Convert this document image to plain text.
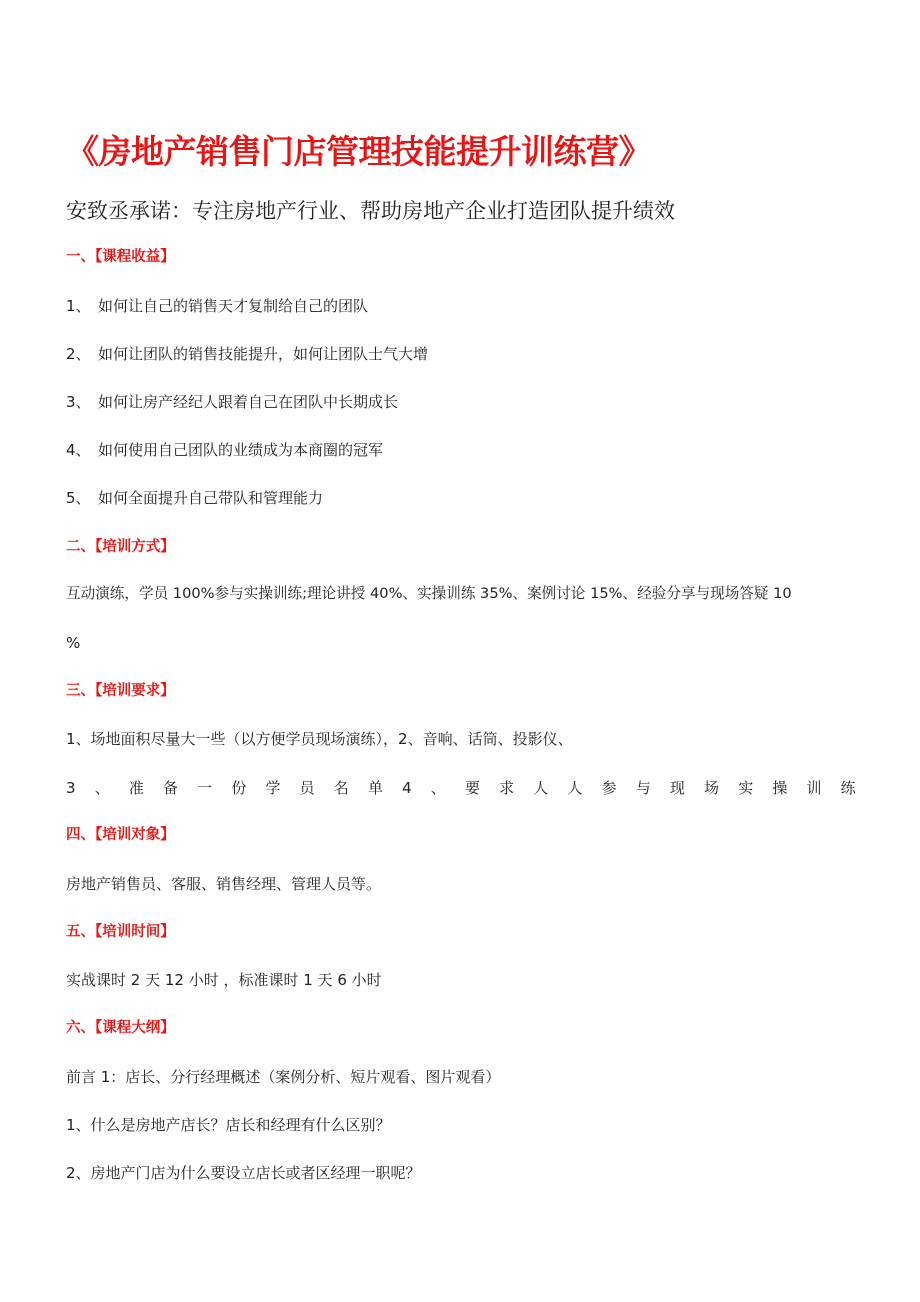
《房地产销售门店管理技能提升训练营》
安致丞承诺：专注房地产行业、帮助房地产企业打造团队提升绩效
一、【课程收益】
1、 如何让自己的销售天才复制给自己的团队
2、 如何让团队的销售技能提升，如何让团队士气大增
3、 如何让房产经纪人跟着自己在团队中长期成长
4、 如何使用自己团队的业绩成为本商圈的冠军
5、 如何全面提升自己带队和管理能力
二、【培训方式】
互动演练，学员 100%参与实操训练;理论讲授 40%、实操训练 35%、案例讨论 15%、经验分享与现场答疑 10
%
三、【培训要求】
1、场地面积尽量大一些（以方便学员现场演练），2、音响、话筒、投影仪、
3 、 准 备 一 份 学 员 名 单 4 、 要 求 人 人 参 与 现 场 实 操 训 练
四、【培训对象】
房地产销售员、客服、销售经理、管理人员等。
五、【培训时间】
实战课时 2 天 12 小时 ，标准课时 1 天 6 小时
六、【课程大纲】
前言 1：店长、分行经理概述（案例分析、短片观看、图片观看）
1、什么是房地产店长？店长和经理有什么区别？
2、房地产门店为什么要设立店长或者区经理一职呢？
